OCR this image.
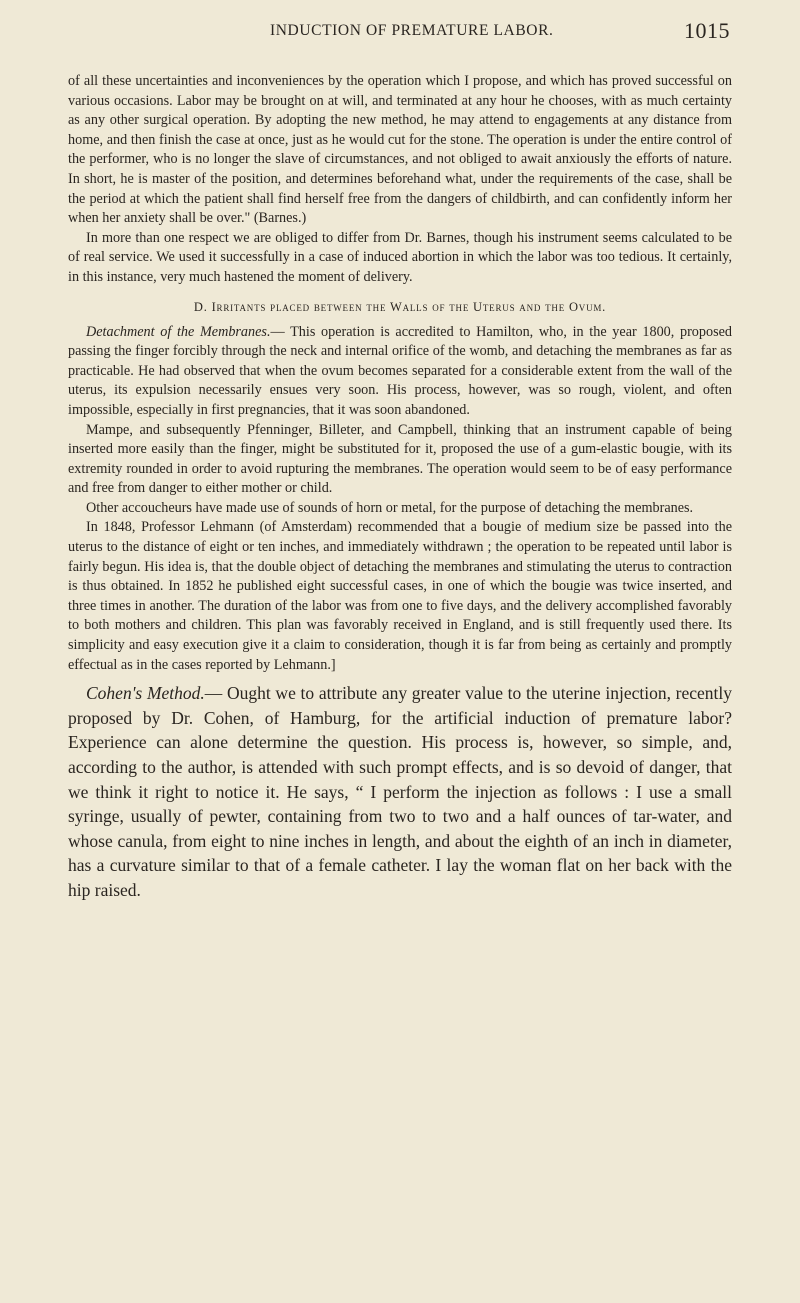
INDUCTION OF PREMATURE LABOR.	1015

of all these uncertainties and inconveniences by the operation which I propose, and which has proved successful on various occasions. Labor may be brought on at will, and terminated at any hour he chooses, with as much certainty as any other surgical operation. By adopting the new method, he may attend to engagements at any distance from home, and then finish the case at once, just as he would cut for the stone. The operation is under the entire control of the performer, who is no longer the slave of circumstances, and not obliged to await anxiously the efforts of nature. In short, he is master of the position, and determines beforehand what, under the requirements of the case, shall be the period at which the patient shall find herself free from the dangers of childbirth, and can confidently inform her when her anxiety shall be over." (Barnes.)

In more than one respect we are obliged to differ from Dr. Barnes, though his instrument seems calculated to be of real service. We used it successfully in a case of induced abortion in which the labor was too tedious. It certainly, in this instance, very much hastened the moment of delivery.

D. Irritants placed between the Walls of the Uterus and the Ovum.

Detachment of the Membranes.— This operation is accredited to Hamilton, who, in the year 1800, proposed passing the finger forcibly through the neck and internal orifice of the womb, and detaching the membranes as far as practicable. He had observed that when the ovum becomes separated for a considerable extent from the wall of the uterus, its expulsion necessarily ensues very soon. His process, however, was so rough, violent, and often impossible, especially in first pregnancies, that it was soon abandoned.

Mampe, and subsequently Pfenninger, Billeter, and Campbell, thinking that an instrument capable of being inserted more easily than the finger, might be substituted for it, proposed the use of a gum-elastic bougie, with its extremity rounded in order to avoid rupturing the membranes. The operation would seem to be of easy performance and free from danger to either mother or child.

Other accoucheurs have made use of sounds of horn or metal, for the purpose of detaching the membranes.

In 1848, Professor Lehmann (of Amsterdam) recommended that a bougie of medium size be passed into the uterus to the distance of eight or ten inches, and immediately withdrawn ; the operation to be repeated until labor is fairly begun. His idea is, that the double object of detaching the membranes and stimulating the uterus to contraction is thus obtained. In 1852 he published eight successful cases, in one of which the bougie was twice inserted, and three times in another. The duration of the labor was from one to five days, and the delivery accomplished favorably to both mothers and children. This plan was favorably received in England, and is still frequently used there. Its simplicity and easy execution give it a claim to consideration, though it is far from being as certainly and promptly effectual as in the cases reported by Lehmann.]

Cohen's Method.— Ought we to attribute any greater value to the uterine injection, recently proposed by Dr. Cohen, of Hamburg, for the artificial induction of premature labor? Experience can alone determine the question. His process is, however, so simple, and, according to the author, is attended with such prompt effects, and is so devoid of danger, that we think it right to notice it. He says, “ I perform the injection as follows : I use a small syringe, usually of pewter, containing from two to two and a half ounces of tar-water, and whose canula, from eight to nine inches in length, and about the eighth of an inch in diameter, has a curvature similar to that of a female catheter. I lay the woman flat on her back with the hip raised.
